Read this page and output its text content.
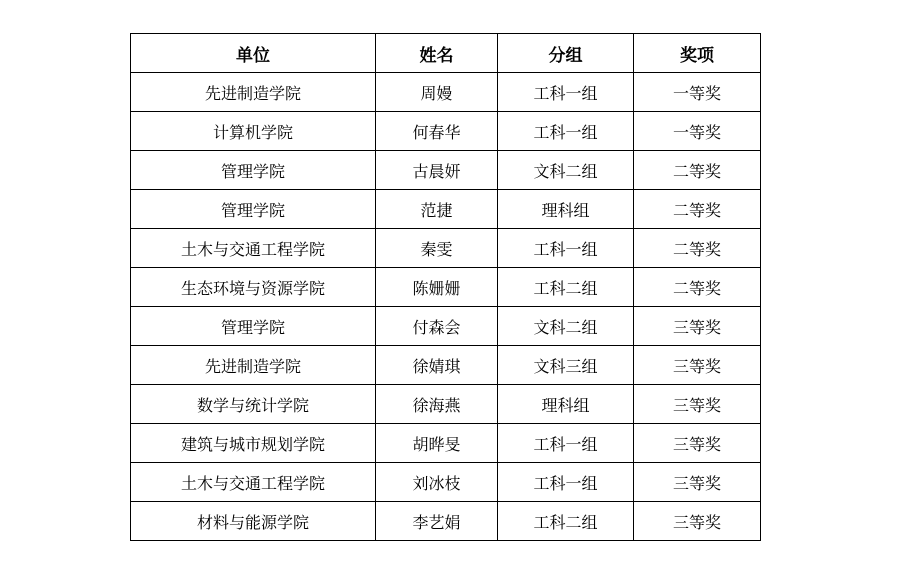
单位	姓名	分组	奖项
先进制造学院	周嫚	工科一组	一等奖
计算机学院	何春华	工科一组	一等奖
管理学院	古晨妍	文科二组	二等奖
管理学院	范捷	理科组	二等奖
土木与交通工程学院	秦雯	工科一组	二等奖
生态环境与资源学院	陈姗姗	工科二组	二等奖
管理学院	付森会	文科二组	三等奖
先进制造学院	徐婧琪	文科三组	三等奖
数学与统计学院	徐海燕	理科组	三等奖
建筑与城市规划学院	胡晔旻	工科一组	三等奖
土木与交通工程学院	刘冰枝	工科一组	三等奖
材料与能源学院	李艺娟	工科二组	三等奖
